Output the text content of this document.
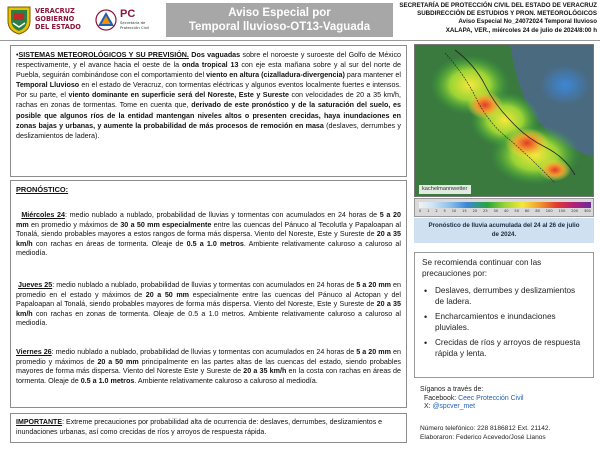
VERACRUZ
GOBIERNO
DEL ESTADO
PC
Secretaría de
Protección Civil
Aviso Especial por
Temporal lluvioso-OT13-Vaguada
SECRETARÍA DE PROTECCIÓN CIVIL DEL ESTADO DE VERACRUZ
SUBDIRECCIÓN DE ESTUDIOS Y PRON. METEOROLÓGICOS
Aviso Especial No_24072024 Temporal lluvioso
XALAPA, VER., miércoles 24 de julio de 2024/8:00 h
•SISTEMAS METEOROLÓGICOS Y SU PREVISIÓN. Dos vaguadas sobre el noroeste y suroeste del Golfo de México respectivamente, y el avance hacia el oeste de la onda tropical 13 con eje esta mañana sobre y al sur del norte de Puebla, seguirán combinándose con el comportamiento del viento en altura (cizalladura-divergencia) para mantener el Temporal Lluvioso en el estado de Veracruz, con tormentas eléctricas y algunos eventos localmente fuertes e intensos. Por su parte, el viento dominante en superficie será del Noreste, Este y Sureste con velocidades de 20 a 35 km/h, rachas en zonas de tormentas. Tome en cuenta que, derivado de este pronóstico y de la saturación del suelo, es posible que algunos ríos de la entidad mantengan niveles altos o presenten crecidas, haya inundaciones en zonas bajas y urbanas, y aumente la probabilidad de más procesos de remoción en masa (deslaves, derrumbes y deslizamientos de ladera).
PRONÓSTICO:
Miércoles 24: medio nublado a nublado, probabilidad de lluvias y tormentas con acumulados en 24 horas de 5 a 20 mm en promedio y máximos de 30 a 50 mm especialmente entre las cuencas del Pánuco al Tecolutla y Papaloapan al Tonalá, siendo probables mayores a estos rangos de forma más dispersa. Viento del Noreste, Este y Sureste de 20 a 35 km/h con rachas en áreas de tormenta. Oleaje de 0.5 a 1.0 metros. Ambiente relativamente caluroso a caluroso al mediodía.
Jueves 25: medio nublado a nublado, probabilidad de lluvias y tormentas con acumulados en 24 horas de 5 a 20 mm en promedio en el estado y máximos de 20 a 50 mm especialmente entre las cuencas del Pánuco al Actopan y del Papaloapan al Tonalá, siendo probables mayores de forma más dispersa. Viento del Noreste, Este y Sureste de 20 a 35 km/h con rachas en zonas de tormenta. Oleaje de 0.5 a 1.0 metros. Ambiente relativamente caluroso a caluroso al mediodía.
Viernes 26: medio nublado a nublado, probabilidad de lluvias y tormentas con acumulados en 24 horas de 5 a 20 mm en promedio y máximos de 20 a 50 mm principalmente en las partes altas de las cuencas del estado, siendo probables mayores de forma más dispersa. Viento del Noreste Este y Sureste de 20 a 35 km/h en la costa con rachas en áreas de tormenta. Oleaje de 0.5 a 1.0 metros. Ambiente relativamente caluroso a caluroso al mediodía.
IMPORTANTE: Extreme precauciones por probabilidad alta de ocurrencia de: deslaves, derrumbes, deslizamientos e inundaciones urbanas, así como crecidas de ríos y arroyos de respuesta rápida.
kachelmannwetter
0 1 2 5 10 15 20 25 30 40 50 60 80 100 150 200 300
Pronóstico de lluvia acumulada del 24 al 26 de julio
de 2024.
Se recomienda continuar con las precauciones por:
• Deslaves, derrumbes y deslizamientos de ladera.
• Encharcamientos e inundaciones pluviales.
• Crecidas de ríos y arroyos de respuesta rápida y lenta.
Síganos a través de:
Facebook: Ceec Protección Civil
X: @spcver_met
Número telefónico: 228 8186812 Ext. 21142.
Elaboraron: Federico Acevedo/José Llanos
